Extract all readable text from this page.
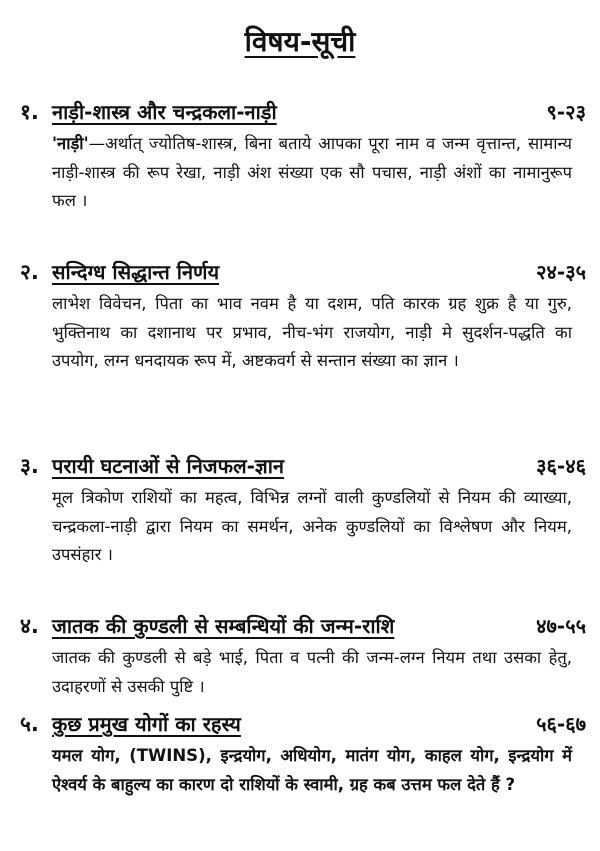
विषय-सूची
१. नाड़ी-शास्त्र और चन्द्रकला-नाड़ी	९-२३
'नाड़ी'—अर्थात् ज्योतिष-शास्त्र, बिना बताये आपका पूरा नाम व जन्म वृत्तान्त, सामान्य नाड़ी-शास्त्र की रूप रेखा, नाड़ी अंश संख्या एक सौ पचास, नाड़ी अंशों का नामानुरूप फल ।
२. सन्दिग्ध सिद्धान्त निर्णय	२४-३५
लाभेश विवेचन, पिता का भाव नवम है या दशम, पति कारक ग्रह शुक्र है या गुरु, भुक्तिनाथ का दशानाथ पर प्रभाव, नीच-भंग राजयोग, नाड़ी मे सुदर्शन-पद्धति का उपयोग, लग्न धनदायक रूप में, अष्टकवर्ग से सन्तान संख्या का ज्ञान ।
३. परायी घटनाओं से निजफल-ज्ञान	३६-४६
मूल त्रिकोण राशियों का महत्व, विभिन्न लग्नों वाली कुण्डलियों से नियम की व्याख्या, चन्द्रकला-नाड़ी द्वारा नियम का समर्थन, अनेक कुण्डलियों का विश्लेषण और नियम, उपसंहार ।
४. जातक की कुण्डली से सम्बन्धियों की जन्म-राशि	४७-५५
जातक की कुण्डली से बड़े भाई, पिता व पत्नी की जन्म-लग्न नियम तथा उसका हेतु, उदाहरणों से उसकी पुष्टि ।
५. कुछ प्रमुख योगों का रहस्य	५६-६७
यमल योग, (TWINS), इन्द्रयोग, अधियोग, मातंग योग, काहल योग, इन्द्रयोग में ऐश्वर्य के बाहुल्य का कारण दो राशियों के स्वामी, ग्रह कब उत्तम फल देते हैं ?
